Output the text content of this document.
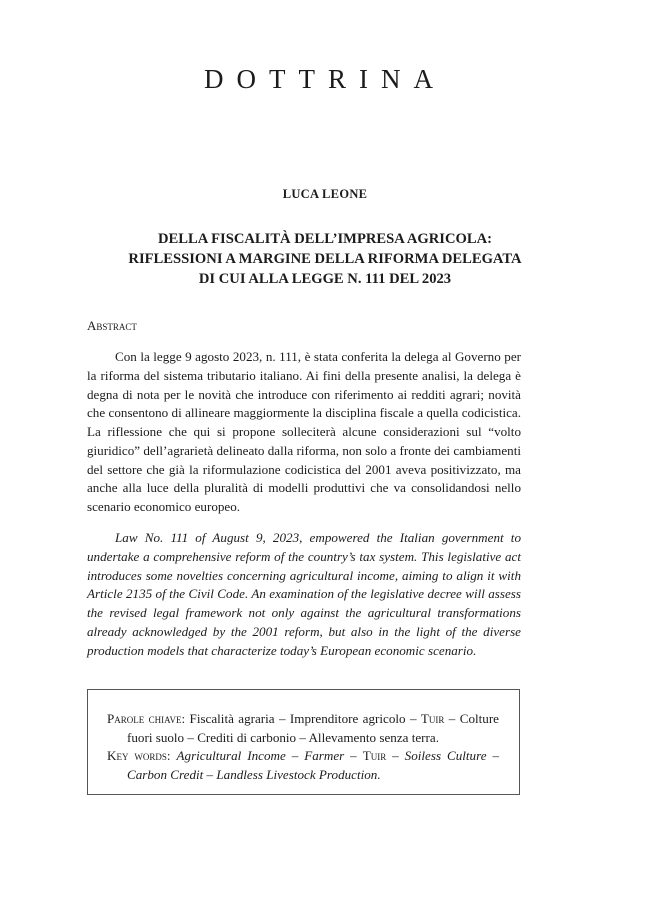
DOTTRINA
LUCA LEONE
DELLA FISCALITÀ DELL’IMPRESA AGRICOLA:
RIFLESSIONI A MARGINE DELLA RIFORMA DELEGATA
DI CUI ALLA LEGGE N. 111 DEL 2023
Abstract

Con la legge 9 agosto 2023, n. 111, è stata conferita la delega al Governo per la riforma del sistema tributario italiano. Ai fini della presente analisi, la delega è degna di nota per le novità che introduce con riferimento ai redditi agrari; novità che consentono di allineare maggiormente la disciplina fiscale a quella codicistica. La riflessione che qui si propone solleciterà alcune considerazioni sul “volto giuridico” dell’agrarietà delineato dalla riforma, non solo a fronte dei cambiamenti del settore che già la riformulazione codicistica del 2001 aveva positivizzato, ma anche alla luce della pluralità di modelli produttivi che va consolidandosi nello scenario economico europeo.

Law No. 111 of August 9, 2023, empowered the Italian government to undertake a comprehensive reform of the country’s tax system. This legislative act introduces some novelties concerning agricultural income, aiming to align it with Article 2135 of the Civil Code. An examination of the legislative decree will assess the revised legal framework not only against the agricultural transformations already acknowledged by the 2001 reform, but also in the light of the diverse production models that characterize today’s European economic scenario.

Parole chiave: Fiscalità agraria – Imprenditore agricolo – Tuir – Colture fuori suolo – Crediti di carbonio – Allevamento senza terra.

Key words: Agricultural Income – Farmer – Tuir – Soiless Culture – Carbon Credit – Landless Livestock Production.
